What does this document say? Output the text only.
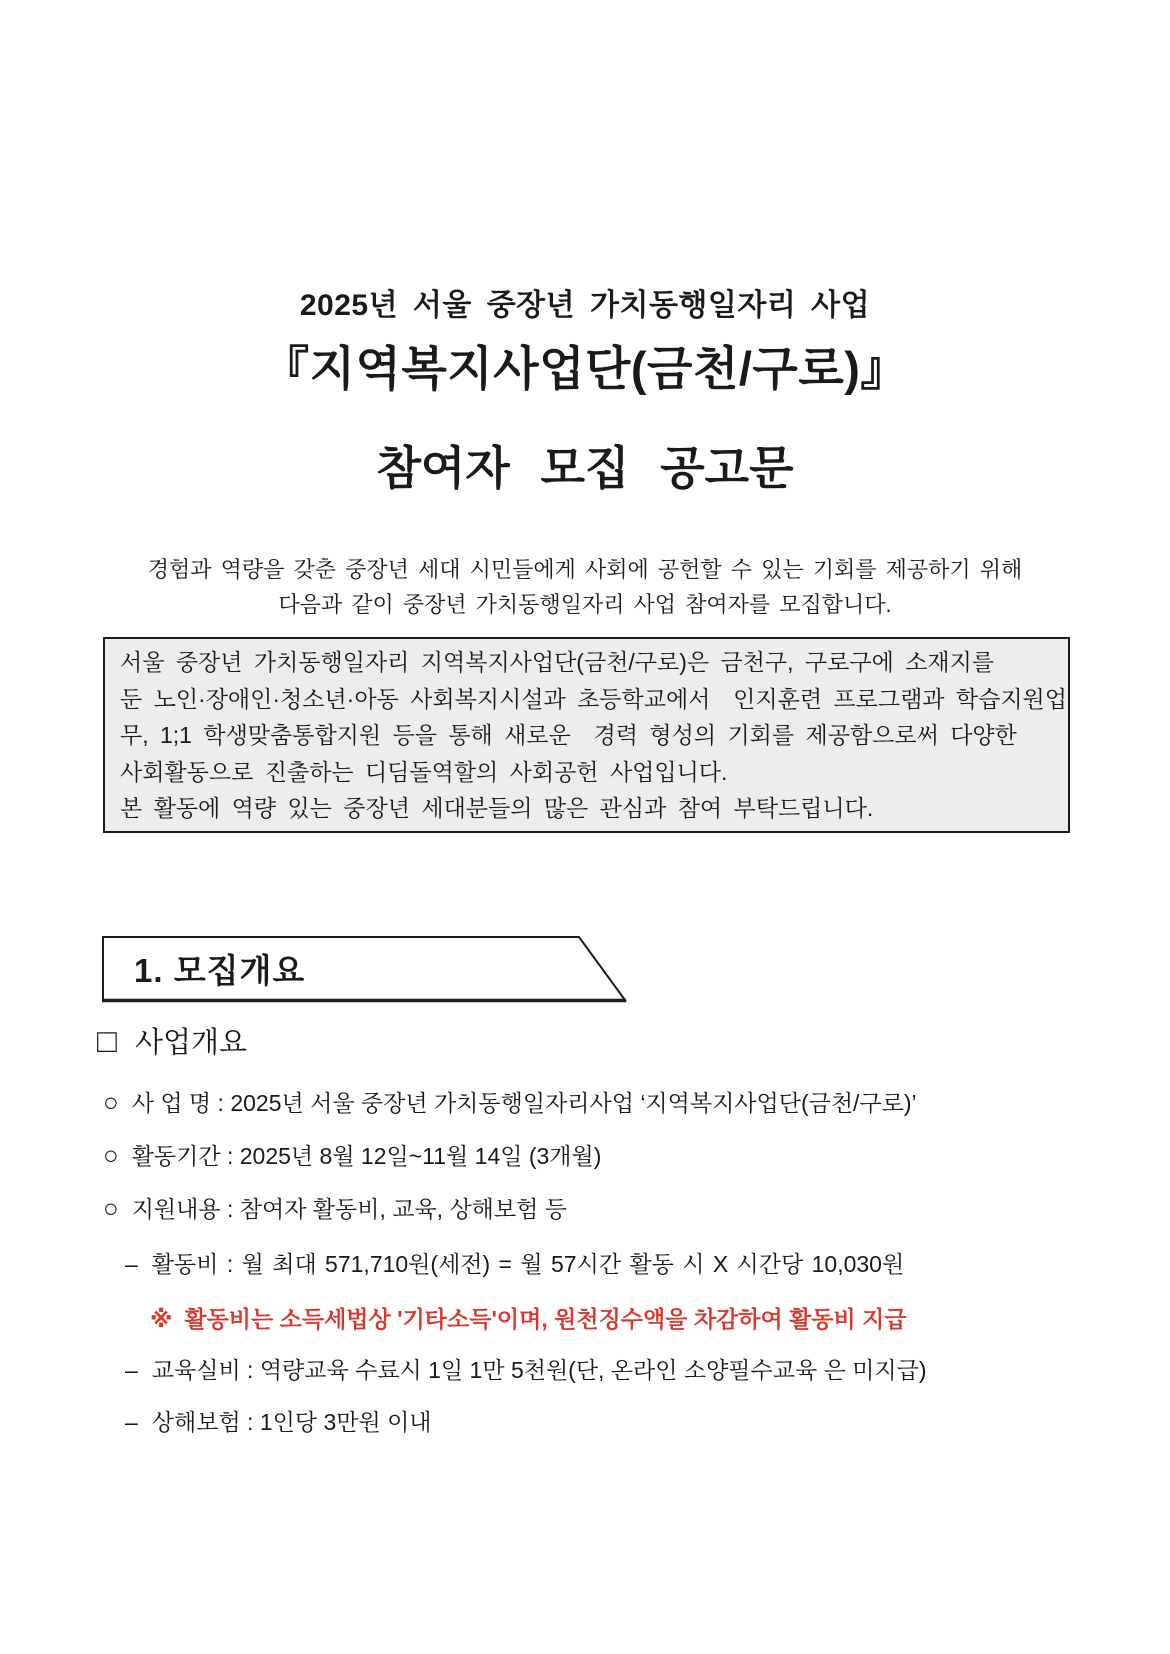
2025년 서울 중장년 가치동행일자리 사업
『지역복지사업단(금천/구로)』
참여자 모집 공고문
경험과 역량을 갖춘 중장년 세대 시민들에게 사회에 공헌할 수 있는 기회를 제공하기 위해
다음과 같이 중장년 가치동행일자리 사업 참여자를 모집합니다.
서울 중장년 가치동행일자리 지역복지사업단(금천/구로)은 금천구, 구로구에 소재지를
둔 노인·장애인·청소년·아동 사회복지시설과 초등학교에서  인지훈련 프로그램과 학습지원업
무, 1;1 학생맞춤통합지원 등을 통해 새로운  경력 형성의 기회를 제공함으로써 다양한
사회활동으로 진출하는 디딤돌역할의 사회공헌 사업입니다.
본 활동에 역량 있는 중장년 세대분들의 많은 관심과 참여 부탁드립니다.
1. 모집개요
□ 사업개요
○ 사 업 명 : 2025년 서울 중장년 가치동행일자리사업 ‘지역복지사업단(금천/구로)’
○ 활동기간 : 2025년 8월 12일~11월 14일 (3개월)
○ 지원내용 : 참여자 활동비, 교육, 상해보험 등
– 활동비 : 월 최대 571,710원(세전) = 월 57시간 활동 시 X 시간당 10,030원
※ 활동비는 소득세법상 '기타소득'이며, 원천징수액을 차감하여 활동비 지급
– 교육실비 : 역량교육 수료시 1일 1만 5천원(단, 온라인 소양필수교육 은 미지급)
– 상해보험 : 1인당 3만원 이내
